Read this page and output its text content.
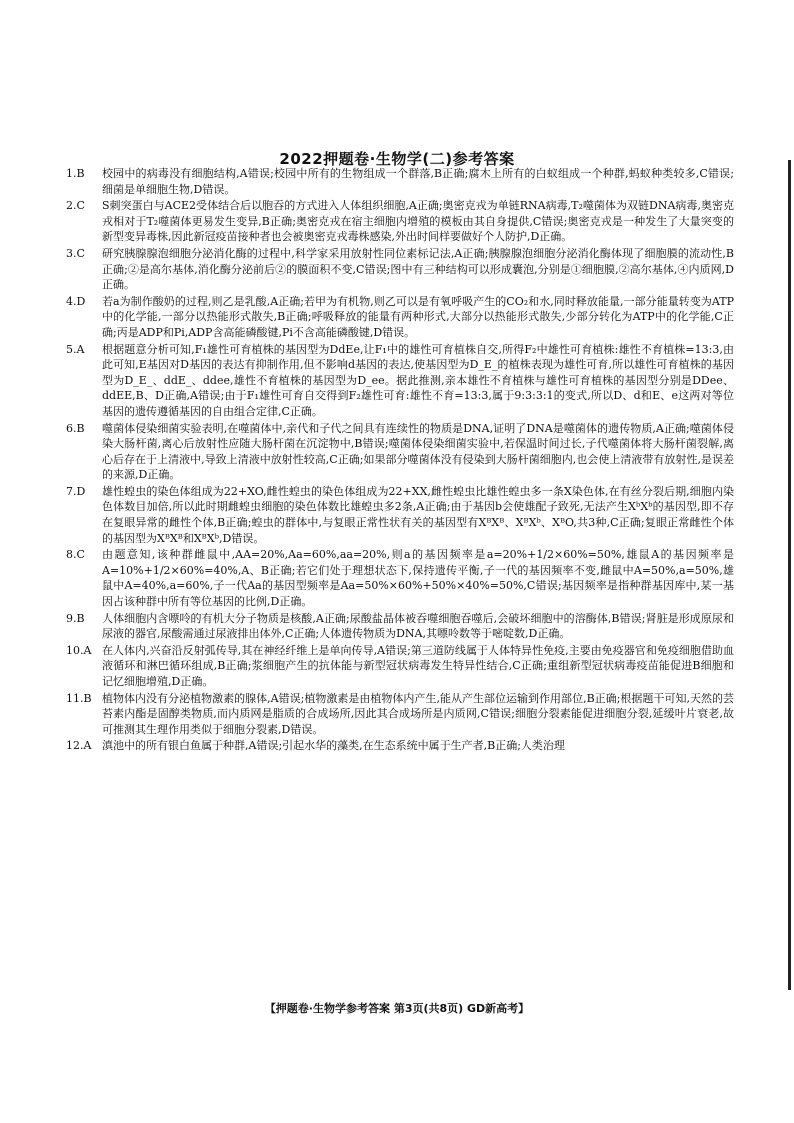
2022押题卷·生物学(二)参考答案
1.B	校园中的病毒没有细胞结构,A错误;校园中所有的生物组成一个群落,B正确;腐木上所有的白蚁组成一个种群,蚂蚁种类较多,C错误;细菌是单细胞生物,D错误。
2.C	S刺突蛋白与ACE2受体结合后以胞吞的方式进入人体组织细胞,A正确;奥密克戎为单链RNA病毒,T₂噬菌体为双链DNA病毒,奥密克戎相对于T₂噬菌体更易发生变异,B正确;奥密克戎在宿主细胞内增殖的模板由其自身提供,C错误;奥密克戎是一种发生了大量突变的新型变异毒株,因此新冠疫苗接种者也会被奥密克戎毒株感染,外出时间样要做好个人防护,D正确。
3.C	研究胰腺腺泡细胞分泌消化酶的过程中,科学家采用放射性同位素标记法,A正确;胰腺腺泡细胞分泌消化酶体现了细胞膜的流动性,B正确;②是高尔基体,消化酶分泌前后②的膜面积不变,C错误;图中有三种结构可以形成囊泡,分别是①细胞膜,②高尔基体,④内质网,D正确。
4.D	若a为制作酸奶的过程,则乙是乳酸,A正确;若甲为有机物,则乙可以是有氧呼吸产生的CO₂和水,同时释放能量,一部分能量转变为ATP中的化学能,一部分以热能形式散失,B正确;呼吸释放的能量有两种形式,大部分以热能形式散失,少部分转化为ATP中的化学能,C正确;丙是ADP和Pi,ADP含高能磷酸键,Pi不含高能磷酸键,D错误。
5.A	根据题意分析可知,F₁雄性可育植株的基因型为DdEe,让F₁中的雄性可育植株自交,所得F₂中雄性可育植株:雄性不育植株=13:3,由此可知,E基因对D基因的表达有抑制作用,但不影响d基因的表达,使基因型为D_E_的植株表现为雄性可育,所以雄性可育植株的基因型为D_E_、ddE_、ddee,雄性不育植株的基因型为D_ee。据此推测,亲本雄性不育植株与雄性可育植株的基因型分别是DDee、ddEE,B、D正确,A错误;由于F₁雄性可育自交得到F₂雄性可育:雄性不育=13:3,属于9:3:3:1的变式,所以D、d和E、e这两对等位基因的遗传遵循基因的自由组合定律,C正确。
6.B	噬菌体侵染细菌实验表明,在噬菌体中,亲代和子代之间具有连续性的物质是DNA,证明了DNA是噬菌体的遗传物质,A正确;噬菌体侵染大肠杆菌,离心后放射性应随大肠杆菌在沉淀物中,B错误;噬菌体侵染细菌实验中,若保温时间过长,子代噬菌体将大肠杆菌裂解,离心后存在于上清液中,导致上清液中放射性较高,C正确;如果部分噬菌体没有侵染到大肠杆菌细胞内,也会使上清液带有放射性,是误差的来源,D正确。
7.D	雄性蝗虫的染色体组成为22+XO,雌性蝗虫的染色体组成为22+XX,雌性蝗虫比雄性蝗虫多一条X染色体,在有丝分裂后期,细胞内染色体数目加倍,所以此时期雌蝗虫细胞的染色体数比雄蝗虫多2条,A正确;由于基因b会使雄配子致死,无法产生XᵇXᵇ的基因型,即不存在复眼异常的雌性个体,B正确;蝗虫的群体中,与复眼正常性状有关的基因型有XᴮXᴮ、XᴮXᵇ、XᴮO,共3种,C正确;复眼正常雌性个体的基因型为XᴮXᴮ和XᴮXᵇ,D错误。
8.C	由题意知,该种群雌鼠中,AA=20%,Aa=60%,aa=20%,则a的基因频率是a=20%+1/2×60%=50%,雄鼠A的基因频率是A=10%+1/2×60%=40%,A、B正确;若它们处于理想状态下,保持遗传平衡,子一代的基因频率不变,雌鼠中A=50%,a=50%,雄鼠中A=40%,a=60%,子一代Aa的基因型频率是Aa=50%×60%+50%×40%=50%,C错误;基因频率是指种群基因库中,某一基因占该种群中所有等位基因的比例,D正确。
9.B	人体细胞内含嘌呤的有机大分子物质是核酸,A正确;尿酸盐晶体被吞噬细胞吞噬后,会破坏细胞中的溶酶体,B错误;肾脏是形成原尿和尿液的器官,尿酸需通过尿液排出体外,C正确;人体遗传物质为DNA,其嘌呤数等于嘧啶数,D正确。
10.A 在人体内,兴奋沿反射弧传导,其在神经纤维上是单向传导,A错误;第三道防线属于人体特异性免疫,主要由免疫器官和免疫细胞借助血液循环和淋巴循环组成,B正确;浆细胞产生的抗体能与新型冠状病毒发生特异性结合,C正确;重组新型冠状病毒疫苗能促进B细胞和记忆细胞增殖,D正确。
11.B 植物体内没有分泌植物激素的腺体,A错误;植物激素是由植物体内产生,能从产生部位运输到作用部位,B正确;根据题干可知,天然的芸苔素内酯是固醇类物质,而内质网是脂质的合成场所,因此其合成场所是内质网,C错误;细胞分裂素能促进细胞分裂,延缓叶片衰老,故可推测其生理作用类似于细胞分裂素,D错误。
12.A 滇池中的所有银白鱼属于种群,A错误;引起水华的藻类,在生态系统中属于生产者,B正确;人类治理
【押题卷·生物学参考答案 第3页(共8页) GD新高考】
